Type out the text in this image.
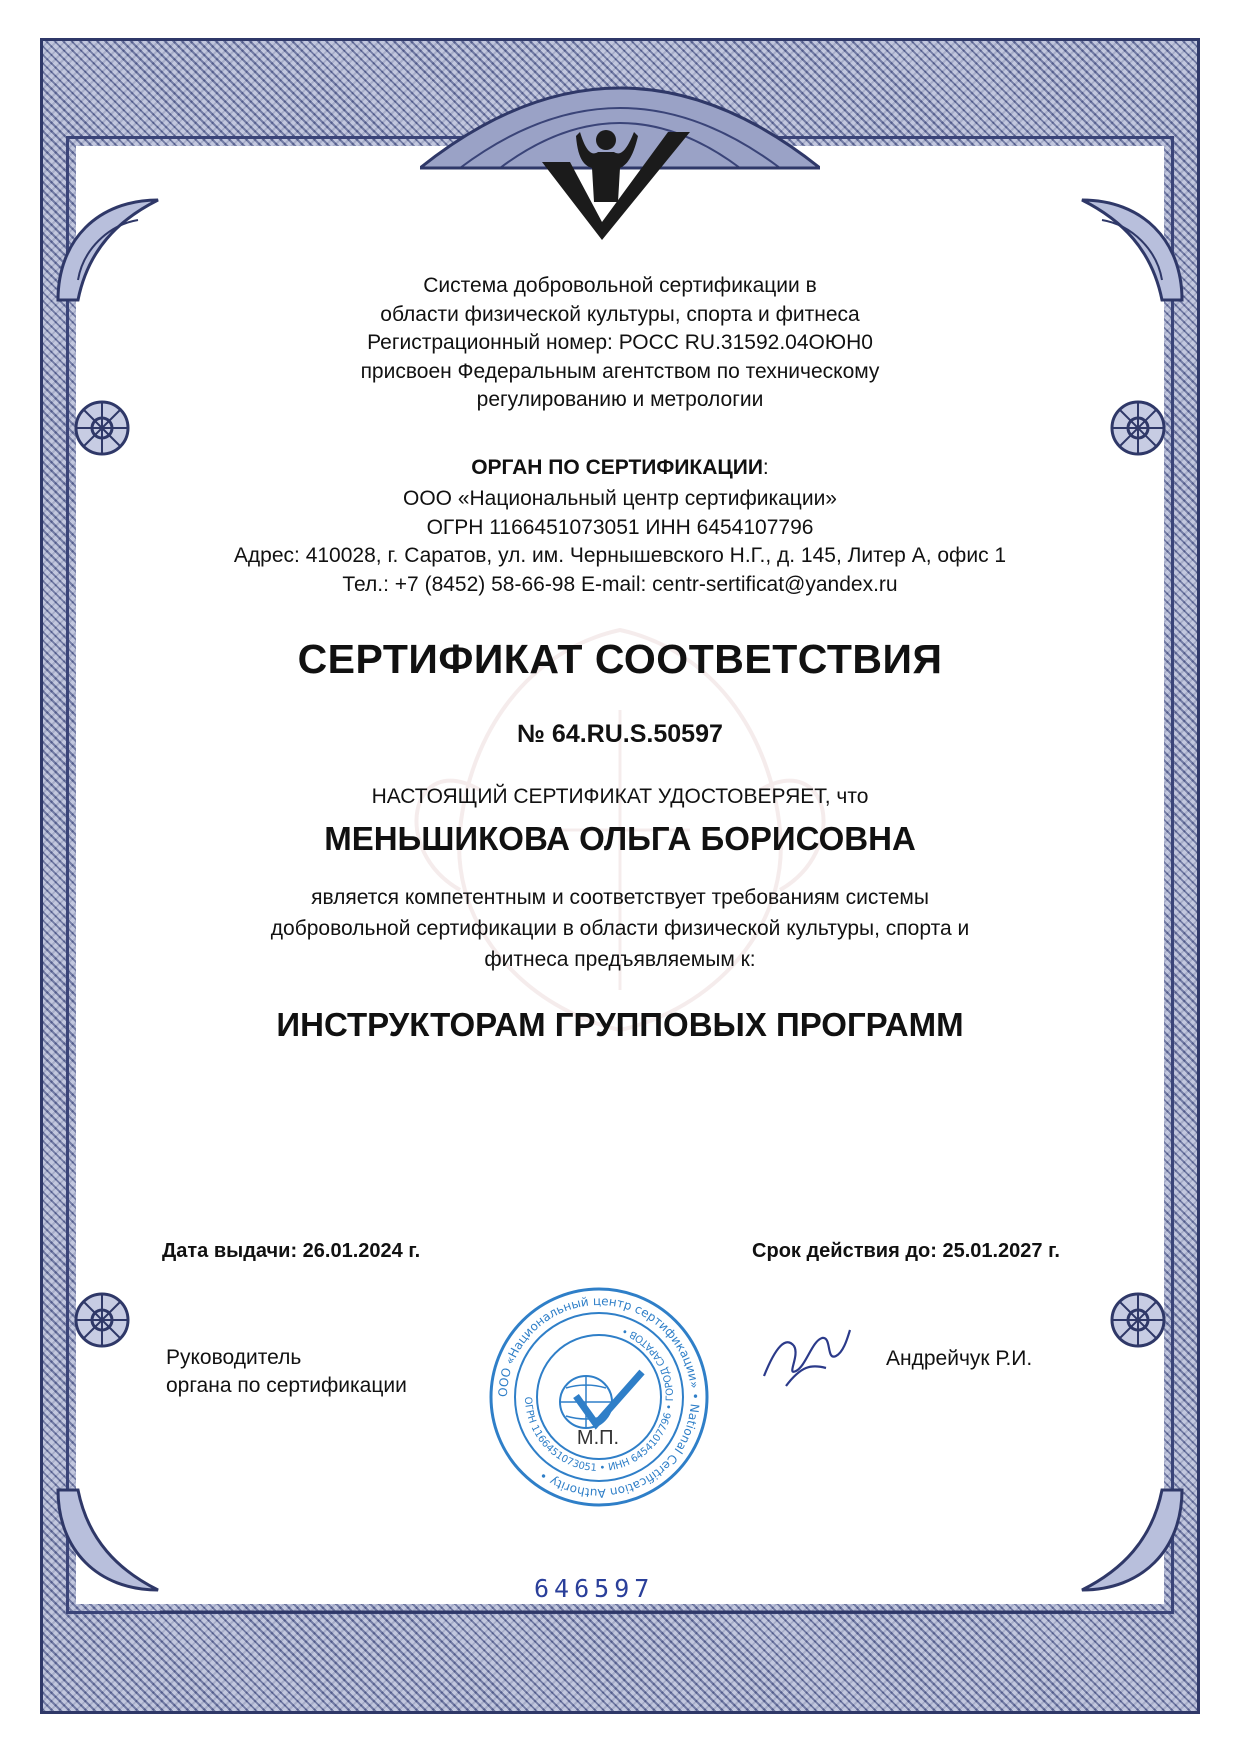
Система добровольной сертификации в
области физической культуры, спорта и фитнеса
Регистрационный номер: РОСС RU.31592.04ОЮН0
присвоен Федеральным агентством по техническому
регулированию и метрологии
ОРГАН ПО СЕРТИФИКАЦИИ:
ООО «Национальный центр сертификации»
ОГРН 1166451073051 ИНН 6454107796
Адрес: 410028, г. Саратов, ул. им. Чернышевского Н.Г., д. 145, Литер А, офис 1
Тел.: +7 (8452) 58-66-98 E-mail: centr-sertificat@yandex.ru
СЕРТИФИКАТ СООТВЕТСТВИЯ
№ 64.RU.S.50597
НАСТОЯЩИЙ СЕРТИФИКАТ УДОСТОВЕРЯЕТ, что
МЕНЬШИКОВА ОЛЬГА БОРИСОВНА
является компетентным и соответствует требованиям системы
добровольной сертификации в области физической культуры, спорта и
фитнеса предъявляемым к:
ИНСТРУКТОРАМ ГРУППОВЫХ ПРОГРАММ
Дата выдачи: 26.01.2024 г.	Срок действия до: 25.01.2027 г.
Руководитель
органа по сертификации
Андрейчук Р.И.
ООО «Национальный центр сертификации» • National Certification Authority •
ОГРН 1166451073051 • ИНН 6454107796 • ГОРОД САРАТОВ •
М.П.
646597
